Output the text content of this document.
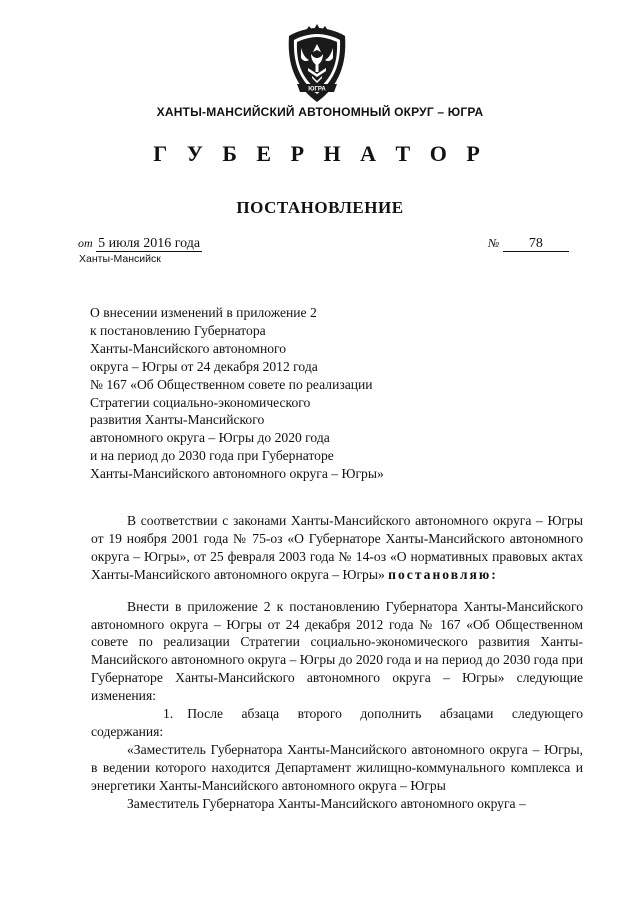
ЮГРА
ХАНТЫ-МАНСИЙСКИЙ АВТОНОМНЫЙ ОКРУГ – ЮГРА
Г У Б Е Р Н А Т О Р
ПОСТАНОВЛЕНИЕ
от 5 июля 2016 года
Ханты-Мансийск
№ 78
О внесении изменений в приложение 2
к постановлению Губернатора
Ханты-Мансийского автономного
округа – Югры от 24 декабря 2012 года
№ 167 «Об Общественном совете по реализации
Стратегии социально-экономического
развития Ханты-Мансийского
автономного округа – Югры до 2020 года
и на период до 2030 года при Губернаторе
Ханты-Мансийского автономного округа – Югры»

В соответствии с законами Ханты-Мансийского автономного округа – Югры от 19 ноября 2001 года № 75-оз «О Губернаторе Ханты-Мансийского автономного округа – Югры», от 25 февраля 2003 года № 14-оз «О нормативных правовых актах Ханты-Мансийского автономного округа – Югры» постановляю:

Внести в приложение 2 к постановлению Губернатора Ханты-Мансийского автономного округа – Югры от 24 декабря 2012 года № 167 «Об Общественном совете по реализации Стратегии социально-экономического развития Ханты-Мансийского автономного округа – Югры до 2020 года и на период до 2030 года при Губернаторе Ханты-Мансийского автономного округа – Югры» следующие изменения:

1. После абзаца второго дополнить абзацами следующего содержания:

«Заместитель Губернатора Ханты-Мансийского автономного округа – Югры, в ведении которого находится Департамент жилищно-коммунального комплекса и энергетики Ханты-Мансийского автономного округа – Югры

Заместитель Губернатора Ханты-Мансийского автономного округа –
